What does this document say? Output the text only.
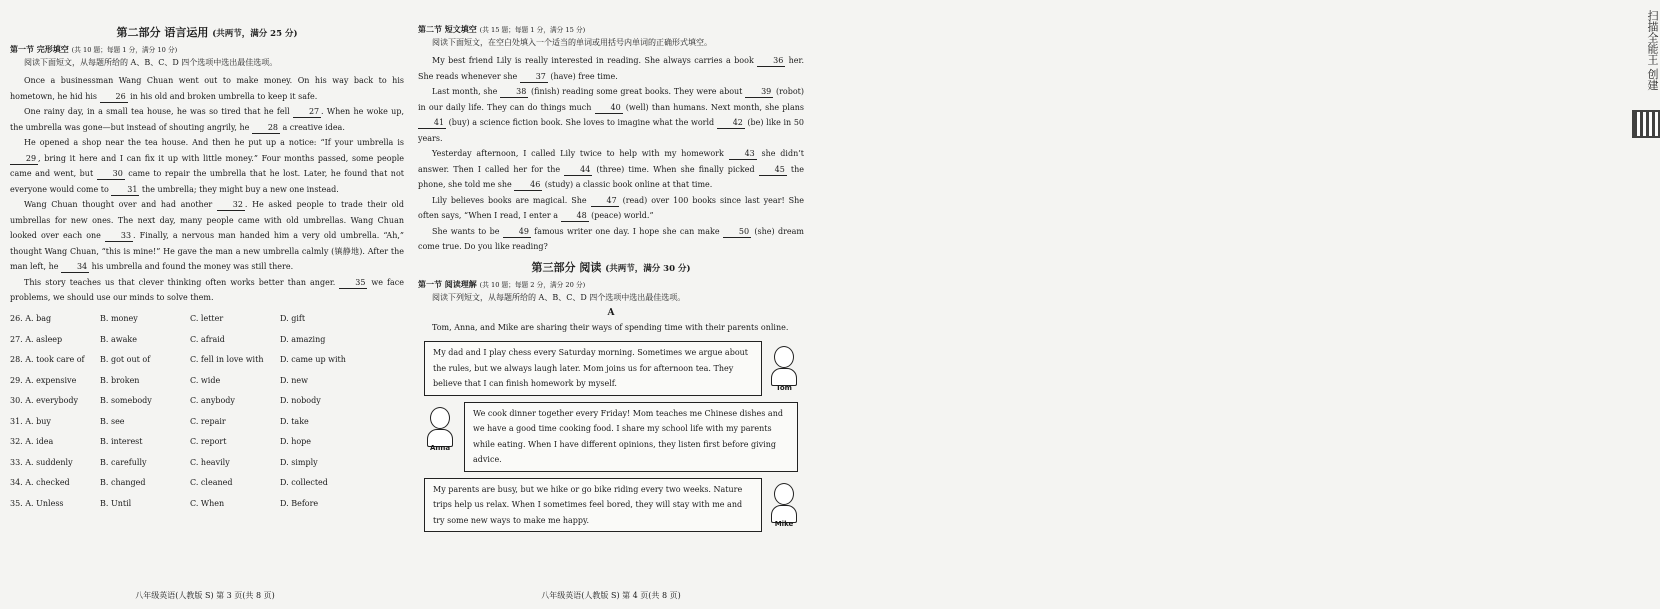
第二部分 语言运用 (共两节，满分 25 分)
第一节 完形填空 (共 10 题；每题 1 分，满分 10 分)
阅读下面短文，从每题所给的 A、B、C、D 四个选项中选出最佳选项。

Once a businessman Wang Chuan went out to make money. On his way back to his hometown, he hid his 26 in his old and broken umbrella to keep it safe.

One rainy day, in a small tea house, he was so tired that he fell 27 . When he woke up, the umbrella was gone—but instead of shouting angrily, he 28 a creative idea.

He opened a shop near the tea house. And then he put up a notice: “If your umbrella is 29 , bring it here and I can fix it up with little money.” Four months passed, some people came and went, but 30 came to repair the umbrella that he lost. Later, he found that not everyone would come to 31 the umbrella; they might buy a new one instead.

Wang Chuan thought over and had another 32 . He asked people to trade their old umbrellas for new ones. The next day, many people came with old umbrellas. Wang Chuan looked over each one 33 . Finally, a nervous man handed him a very old umbrella. “Ah,” thought Wang Chuan, “this is mine!” He gave the man a new umbrella calmly (镇静地). After the man left, he 34 his umbrella and found the money was still there.

This story teaches us that clever thinking often works better than anger. 35 we face problems, we should use our minds to solve them.

26. A. bag	B. money	C. letter	D. gift
27. A. asleep	B. awake	C. afraid	D. amazing
28. A. took care of	B. got out of	C. fell in love with	D. came up with
29. A. expensive	B. broken	C. wide	D. new
30. A. everybody	B. somebody	C. anybody	D. nobody
31. A. buy	B. see	C. repair	D. take
32. A. idea	B. interest	C. report	D. hope
33. A. suddenly	B. carefully	C. heavily	D. simply
34. A. checked	B. changed	C. cleaned	D. collected
35. A. Unless	B. Until	C. When	D. Before
八年级英语(人教版 S) 第 3 页(共 8 页)
第二节 短文填空 (共 15 题；每题 1 分，满分 15 分)
阅读下面短文，在空白处填入一个适当的单词或用括号内单词的正确形式填空。

My best friend Lily is really interested in reading. She always carries a book 36 her. She reads whenever she 37 (have) free time.

Last month, she 38 (finish) reading some great books. They were about 39 (robot) in our daily life. They can do things much 40 (well) than humans. Next month, she plans 41 (buy) a science fiction book. She loves to imagine what the world 42 (be) like in 50 years.

Yesterday afternoon, I called Lily twice to help with my homework 43 she didn’t answer. Then I called her for the 44 (three) time. When she finally picked 45 the phone, she told me she 46 (study) a classic book online at that time.

Lily believes books are magical. She 47 (read) over 100 books since last year! She often says, “When I read, I enter a 48 (peace) world.”

She wants to be 49 famous writer one day. I hope she can make 50 (she) dream come true. Do you like reading?

第三部分 阅读 (共两节，满分 30 分)
第一节 阅读理解 (共 10 题；每题 2 分，满分 20 分)
阅读下列短文，从每题所给的 A、B、C、D 四个选项中选出最佳选项。
A

Tom, Anna, and Mike are sharing their ways of spending time with their parents online.

My dad and I play chess every Saturday morning. Sometimes we argue about the rules, but we always laugh later. Mom joins us for afternoon tea. They believe that I can finish homework by myself.	Tom
We cook dinner together every Friday! Mom teaches me Chinese dishes and we have a good time cooking food. I share my school life with my parents while eating. When I have different opinions, they listen first before giving advice.
Anna
My parents are busy, but we hike or go bike riding every two weeks. Nature trips help us relax. When I sometimes feel bored, they will stay with me and try some new ways to make me happy.	Mike
八年级英语(人教版 S) 第 4 页(共 8 页)
扫描全能王 创建
